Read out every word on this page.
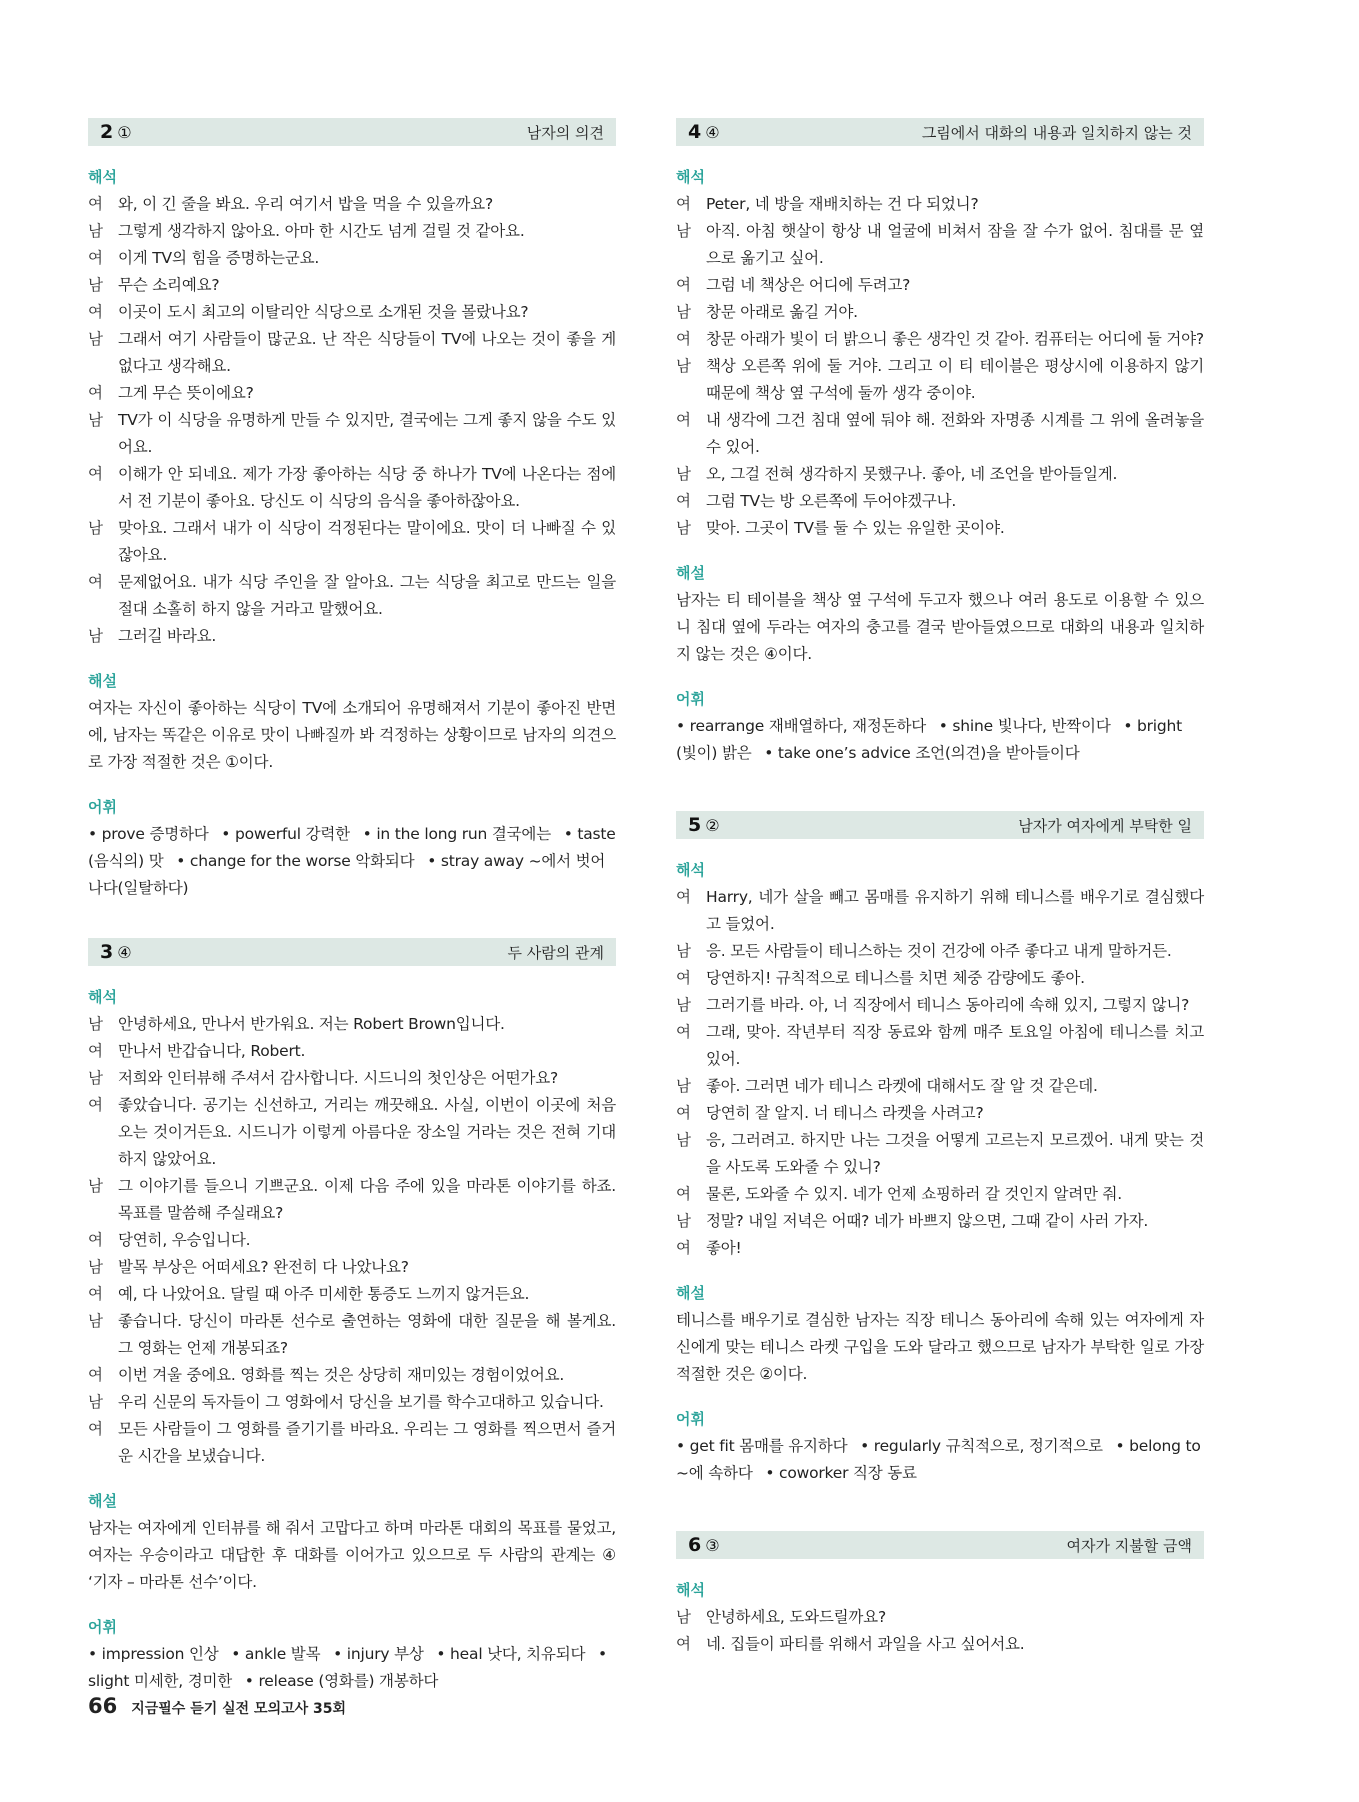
2 ①	남자의 의견
해석
여 와, 이 긴 줄을 봐요. 우리 여기서 밥을 먹을 수 있을까요?
남 그렇게 생각하지 않아요. 아마 한 시간도 넘게 걸릴 것 같아요.
여 이게 TV의 힘을 증명하는군요.
남 무슨 소리예요?
여 이곳이 도시 최고의 이탈리안 식당으로 소개된 것을 몰랐나요?
남 그래서 여기 사람들이 많군요. 난 작은 식당들이 TV에 나오는 것이 좋을 게 없다고 생각해요.
여 그게 무슨 뜻이에요?
남 TV가 이 식당을 유명하게 만들 수 있지만, 결국에는 그게 좋지 않을 수도 있어요.
여 이해가 안 되네요. 제가 가장 좋아하는 식당 중 하나가 TV에 나온다는 점에서 전 기분이 좋아요. 당신도 이 식당의 음식을 좋아하잖아요.
남 맞아요. 그래서 내가 이 식당이 걱정된다는 말이에요. 맛이 더 나빠질 수 있잖아요.
여 문제없어요. 내가 식당 주인을 잘 알아요. 그는 식당을 최고로 만드는 일을 절대 소홀히 하지 않을 거라고 말했어요.
남 그러길 바라요.
해설
여자는 자신이 좋아하는 식당이 TV에 소개되어 유명해져서 기분이 좋아진 반면에, 남자는 똑같은 이유로 맛이 나빠질까 봐 걱정하는 상황이므로 남자의 의견으로 가장 적절한 것은 ①이다.
어휘
• prove 증명하다 • powerful 강력한 • in the long run 결국에는 • taste (음식의) 맛 • change for the worse 악화되다 • stray away ~에서 벗어나다(일탈하다)
3 ④	두 사람의 관계
해석
남 안녕하세요, 만나서 반가워요. 저는 Robert Brown입니다.
여 만나서 반갑습니다, Robert.
남 저희와 인터뷰해 주셔서 감사합니다. 시드니의 첫인상은 어떤가요?
여 좋았습니다. 공기는 신선하고, 거리는 깨끗해요. 사실, 이번이 이곳에 처음 오는 것이거든요. 시드니가 이렇게 아름다운 장소일 거라는 것은 전혀 기대하지 않았어요.
남 그 이야기를 들으니 기쁘군요. 이제 다음 주에 있을 마라톤 이야기를 하죠. 목표를 말씀해 주실래요?
여 당연히, 우승입니다.
남 발목 부상은 어떠세요? 완전히 다 나았나요?
여 예, 다 나았어요. 달릴 때 아주 미세한 통증도 느끼지 않거든요.
남 좋습니다. 당신이 마라톤 선수로 출연하는 영화에 대한 질문을 해 볼게요. 그 영화는 언제 개봉되죠?
여 이번 겨울 중에요. 영화를 찍는 것은 상당히 재미있는 경험이었어요.
남 우리 신문의 독자들이 그 영화에서 당신을 보기를 학수고대하고 있습니다.
여 모든 사람들이 그 영화를 즐기기를 바라요. 우리는 그 영화를 찍으면서 즐거운 시간을 보냈습니다.
해설
남자는 여자에게 인터뷰를 해 줘서 고맙다고 하며 마라톤 대회의 목표를 물었고, 여자는 우승이라고 대답한 후 대화를 이어가고 있으므로 두 사람의 관계는 ④ ‘기자 – 마라톤 선수’이다.
어휘
• impression 인상 • ankle 발목 • injury 부상 • heal 낫다, 치유되다 • slight 미세한, 경미한 • release (영화를) 개봉하다
4 ④	그림에서 대화의 내용과 일치하지 않는 것
해석
여 Peter, 네 방을 재배치하는 건 다 되었니?
남 아직. 아침 햇살이 항상 내 얼굴에 비쳐서 잠을 잘 수가 없어. 침대를 문 옆으로 옮기고 싶어.
여 그럼 네 책상은 어디에 두려고?
남 창문 아래로 옮길 거야.
여 창문 아래가 빛이 더 밝으니 좋은 생각인 것 같아. 컴퓨터는 어디에 둘 거야?
남 책상 오른쪽 위에 둘 거야. 그리고 이 티 테이블은 평상시에 이용하지 않기 때문에 책상 옆 구석에 둘까 생각 중이야.
여 내 생각에 그건 침대 옆에 둬야 해. 전화와 자명종 시계를 그 위에 올려놓을 수 있어.
남 오, 그걸 전혀 생각하지 못했구나. 좋아, 네 조언을 받아들일게.
여 그럼 TV는 방 오른쪽에 두어야겠구나.
남 맞아. 그곳이 TV를 둘 수 있는 유일한 곳이야.
해설
남자는 티 테이블을 책상 옆 구석에 두고자 했으나 여러 용도로 이용할 수 있으니 침대 옆에 두라는 여자의 충고를 결국 받아들였으므로 대화의 내용과 일치하지 않는 것은 ④이다.
어휘
• rearrange 재배열하다, 재정돈하다 • shine 빛나다, 반짝이다 • bright (빛이) 밝은 • take one’s advice 조언(의견)을 받아들이다
5 ②	남자가 여자에게 부탁한 일
해석
여 Harry, 네가 살을 빼고 몸매를 유지하기 위해 테니스를 배우기로 결심했다고 들었어.
남 응. 모든 사람들이 테니스하는 것이 건강에 아주 좋다고 내게 말하거든.
여 당연하지! 규칙적으로 테니스를 치면 체중 감량에도 좋아.
남 그러기를 바라. 아, 너 직장에서 테니스 동아리에 속해 있지, 그렇지 않니?
여 그래, 맞아. 작년부터 직장 동료와 함께 매주 토요일 아침에 테니스를 치고 있어.
남 좋아. 그러면 네가 테니스 라켓에 대해서도 잘 알 것 같은데.
여 당연히 잘 알지. 너 테니스 라켓을 사려고?
남 응, 그러려고. 하지만 나는 그것을 어떻게 고르는지 모르겠어. 내게 맞는 것을 사도록 도와줄 수 있니?
여 물론, 도와줄 수 있지. 네가 언제 쇼핑하러 갈 것인지 알려만 줘.
남 정말? 내일 저녁은 어때? 네가 바쁘지 않으면, 그때 같이 사러 가자.
여 좋아!
해설
테니스를 배우기로 결심한 남자는 직장 테니스 동아리에 속해 있는 여자에게 자신에게 맞는 테니스 라켓 구입을 도와 달라고 했으므로 남자가 부탁한 일로 가장 적절한 것은 ②이다.
어휘
• get fit 몸매를 유지하다 • regularly 규칙적으로, 정기적으로 • belong to ~에 속하다 • coworker 직장 동료
6 ③	여자가 지불할 금액
해석
남 안녕하세요, 도와드릴까요?
여 네. 집들이 파티를 위해서 과일을 사고 싶어서요.
66 지금필수 듣기 실전 모의고사 35회
